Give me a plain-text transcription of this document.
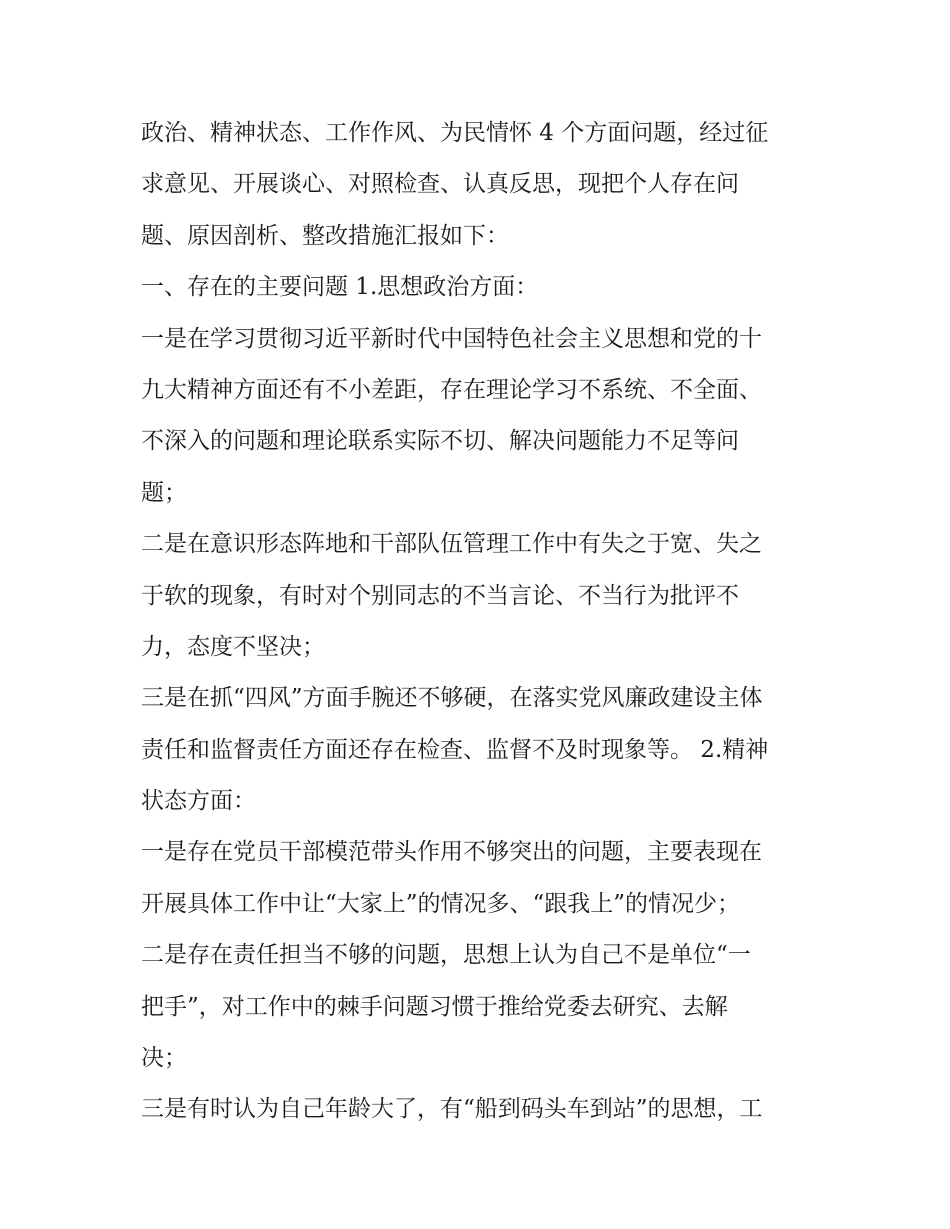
政治、精神状态、工作作风、为民情怀 4 个方面问题，经过征
求意见、开展谈心、对照检查、认真反思，现把个人存在问
题、原因剖析、整改措施汇报如下：
一、存在的主要问题 1.思想政治方面：
一是在学习贯彻习近平新时代中国特色社会主义思想和党的十
九大精神方面还有不小差距，存在理论学习不系统、不全面、
不深入的问题和理论联系实际不切、解决问题能力不足等问
题；
二是在意识形态阵地和干部队伍管理工作中有失之于宽、失之
于软的现象，有时对个别同志的不当言论、不当行为批评不
力，态度不坚决；
三是在抓“四风”方面手腕还不够硬，在落实党风廉政建设主体
责任和监督责任方面还存在检查、监督不及时现象等。 2.精神
状态方面：
一是存在党员干部模范带头作用不够突出的问题，主要表现在
开展具体工作中让“大家上”的情况多、“跟我上”的情况少；
二是存在责任担当不够的问题，思想上认为自己不是单位“一
把手”，对工作中的棘手问题习惯于推给党委去研究、去解
决；
三是有时认为自己年龄大了，有“船到码头车到站”的思想，工
